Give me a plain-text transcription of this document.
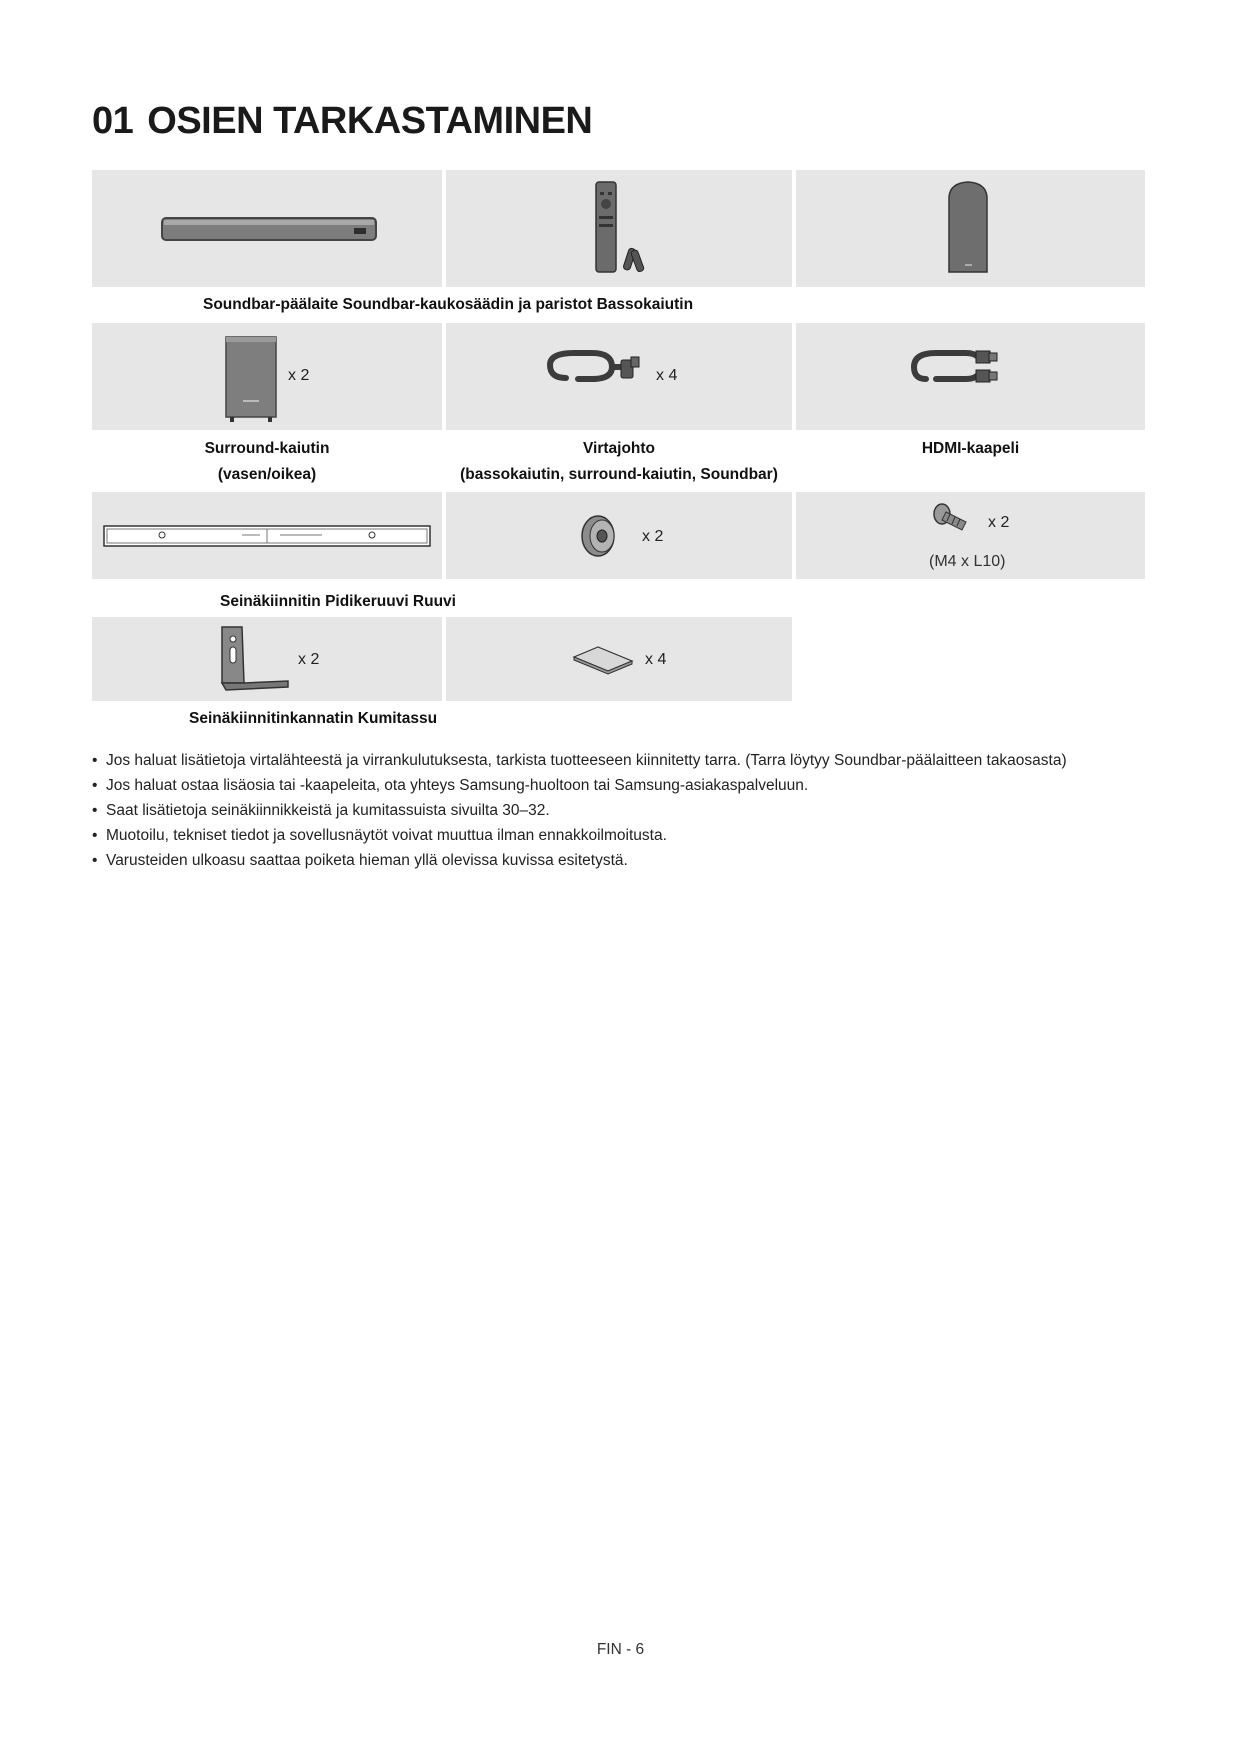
01 OSIEN TARKASTAMINEN
Soundbar-päälaite Soundbar-kaukosäädin ja paristot Bassokaiutin
x 2	x 4
Surround-kaiutin
(vasen/oikea)
Virtajohto
(bassokaiutin, surround-kaiutin, Soundbar)
HDMI-kaapeli
x 2
x 2
(M4 x L10)
Seinäkiinnitin Pidikeruuvi Ruuvi
x 2	x 4
Seinäkiinnitinkannatin Kumitassu
• Jos haluat lisätietoja virtalähteestä ja virrankulutuksesta, tarkista tuotteeseen kiinnitetty tarra. (Tarra löytyy Soundbar-päälaitteen takaosasta)
• Jos haluat ostaa lisäosia tai -kaapeleita, ota yhteys Samsung-huoltoon tai Samsung-asiakaspalveluun.
• Saat lisätietoja seinäkiinnikkeistä ja kumitassuista sivuilta 30–32.
• Muotoilu, tekniset tiedot ja sovellusnäytöt voivat muuttua ilman ennakkoilmoitusta.
• Varusteiden ulkoasu saattaa poiketa hieman yllä olevissa kuvissa esitetystä.
FIN - 6
